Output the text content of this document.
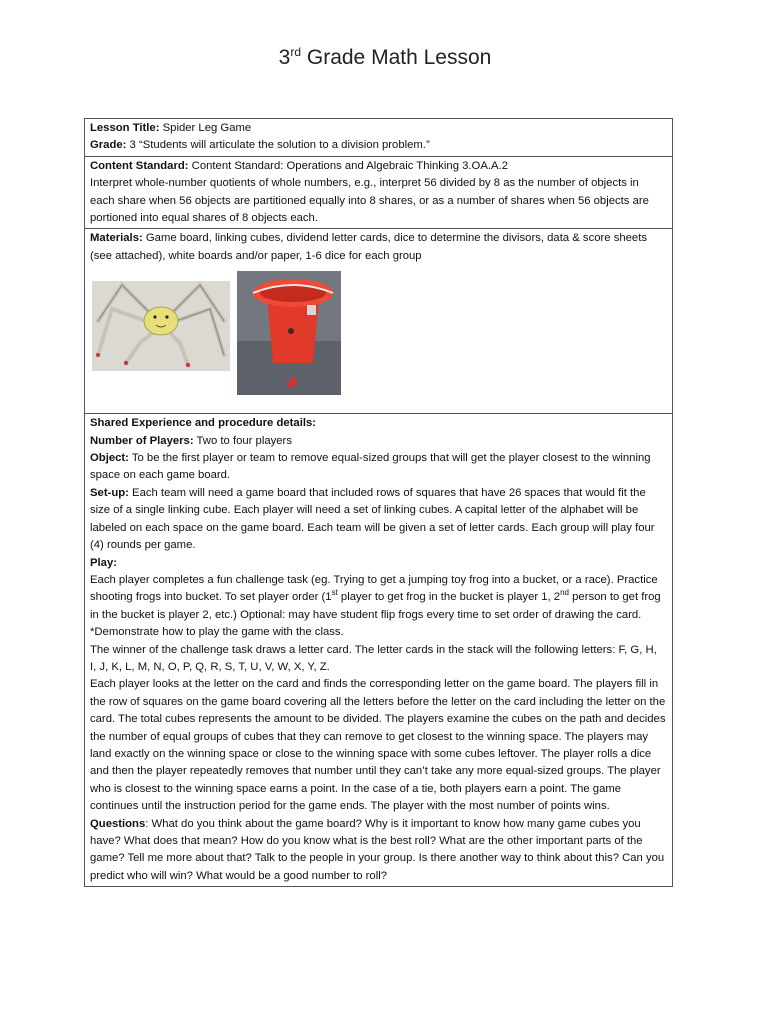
3rd Grade Math Lesson

Lesson Title: Spider Leg Game

Grade: 3 “Students will articulate the solution to a division problem.”

Content Standard: Content Standard: Operations and Algebraic Thinking 3.OA.A.2

Interpret whole-number quotients of whole numbers, e.g., interpret 56 divided by 8 as the number of objects in each share when 56 objects are partitioned equally into 8 shares, or as a number of shares when 56 objects are portioned into equal shares of 8 objects each.

Materials: Game board, linking cubes, dividend letter cards, dice to determine the divisors, data & score sheets (see attached), white boards and/or paper, 1-6 dice for each group

Shared Experience and procedure details:

Number of Players: Two to four players

Object: To be the first player or team to remove equal-sized groups that will get the player closest to the winning space on each game board.

Set-up: Each team will need a game board that included rows of squares that have 26 spaces that would fit the size of a single linking cube. Each player will need a set of linking cubes. A capital letter of the alphabet will be labeled on each space on the game board. Each team will be given a set of letter cards. Each group will play four (4) rounds per game.

Play:

Each player completes a fun challenge task (eg. Trying to get a jumping toy frog into a bucket, or a race). Practice shooting frogs into bucket. To set player order (1st player to get frog in the bucket is player 1, 2nd person to get frog in the bucket is player 2, etc.) Optional: may have student flip frogs every time to set order of drawing the card.

*Demonstrate how to play the game with the class.

The winner of the challenge task draws a letter card. The letter cards in the stack will the following letters: F, G, H, I, J, K, L, M, N, O, P, Q, R, S, T, U, V, W, X, Y, Z.

Each player looks at the letter on the card and finds the corresponding letter on the game board. The players fill in the row of squares on the game board covering all the letters before the letter on the card including the letter on the card. The total cubes represents the amount to be divided. The players examine the cubes on the path and decides the number of equal groups of cubes that they can remove to get closest to the winning space. The players may land exactly on the winning space or close to the winning space with some cubes leftover. The player rolls a dice and then the player repeatedly removes that number until they can’t take any more equal-sized groups. The player who is closest to the winning space earns a point. In the case of a tie, both players earn a point. The game continues until the instruction period for the game ends. The player with the most number of points wins.

Questions: What do you think about the game board? Why is it important to know how many game cubes you have? What does that mean? How do you know what is the best roll? What are the other important parts of the game? Tell me more about that? Talk to the people in your group. Is there another way to think about this? Can you predict who will win? What would be a good number to roll?
